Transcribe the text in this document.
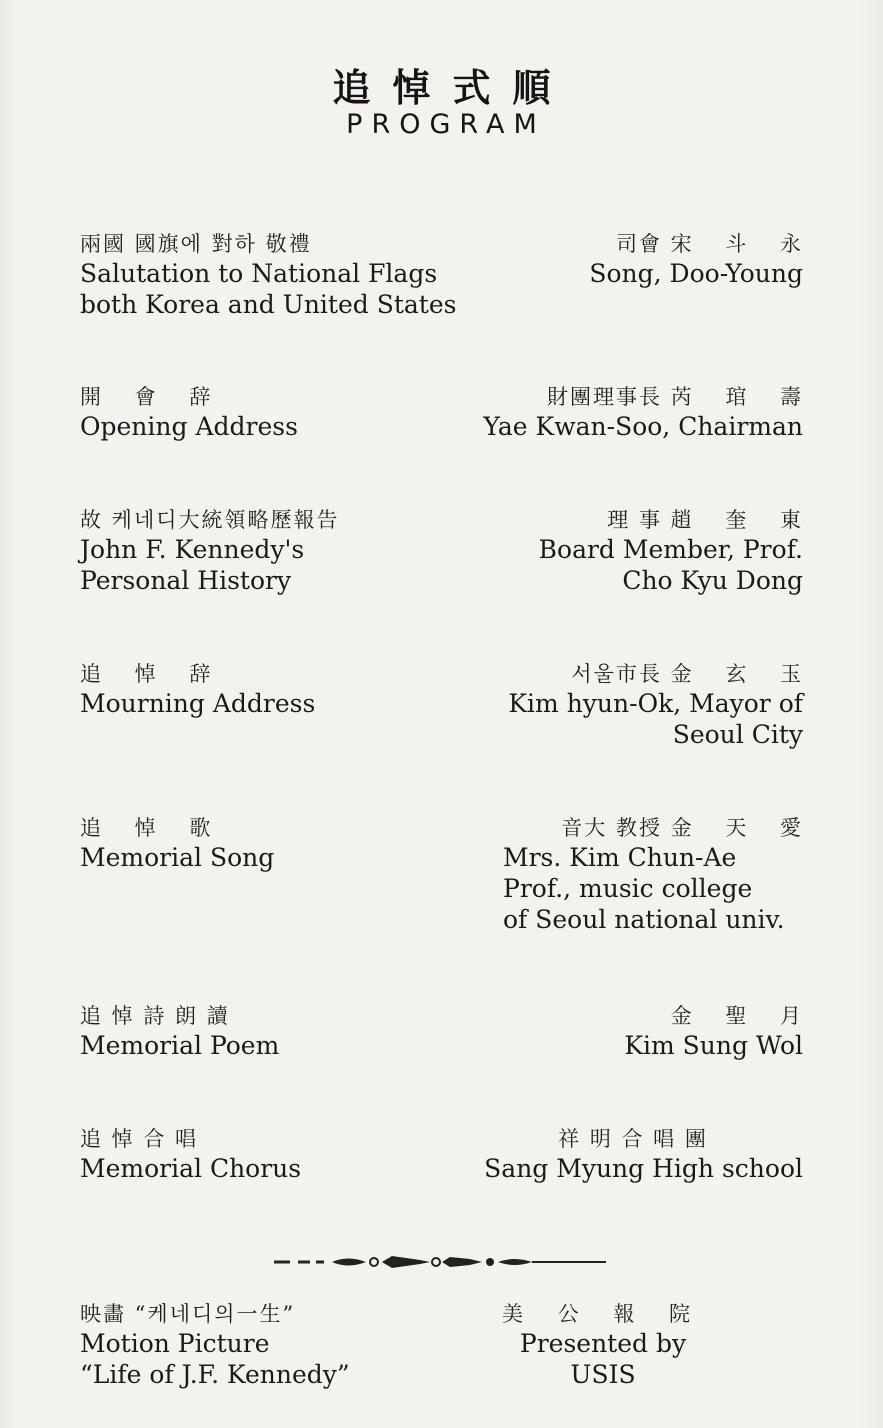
追悼式順
PROGRAM
兩國 國旗에 對하 敬禮
Salutation to National Flags
both Korea and United States
司會 宋　 斗　 永
Song, Doo-Young
開　 會　 辞
Opening Address
財團理事長 芮　 琯　 壽
Yae Kwan-Soo, Chairman
故 케네디大統領略歷報告
John F. Kennedy's
Personal History
理 事 趙　 奎　 東
Board Member, Prof.
Cho Kyu Dong
追　 悼　 辞
Mourning Address
서울市長 金　 玄　 玉
Kim hyun-Ok, Mayor of
Seoul City
追　 悼　 歌
Memorial Song
音大 教授 金　 天　 愛
Mrs. Kim Chun-Ae
Prof., music college
of Seoul national univ.
追 悼 詩 朗 讀
Memorial Poem
金　 聖　 月
Kim Sung Wol
追 悼 合 唱
Memorial Chorus
祥 明 合 唱 團
Sang Myung High school
映畵 “케네디의一生”
Motion Picture
“Life of J.F. Kennedy”
美 公 報 院
Presented by
USIS
